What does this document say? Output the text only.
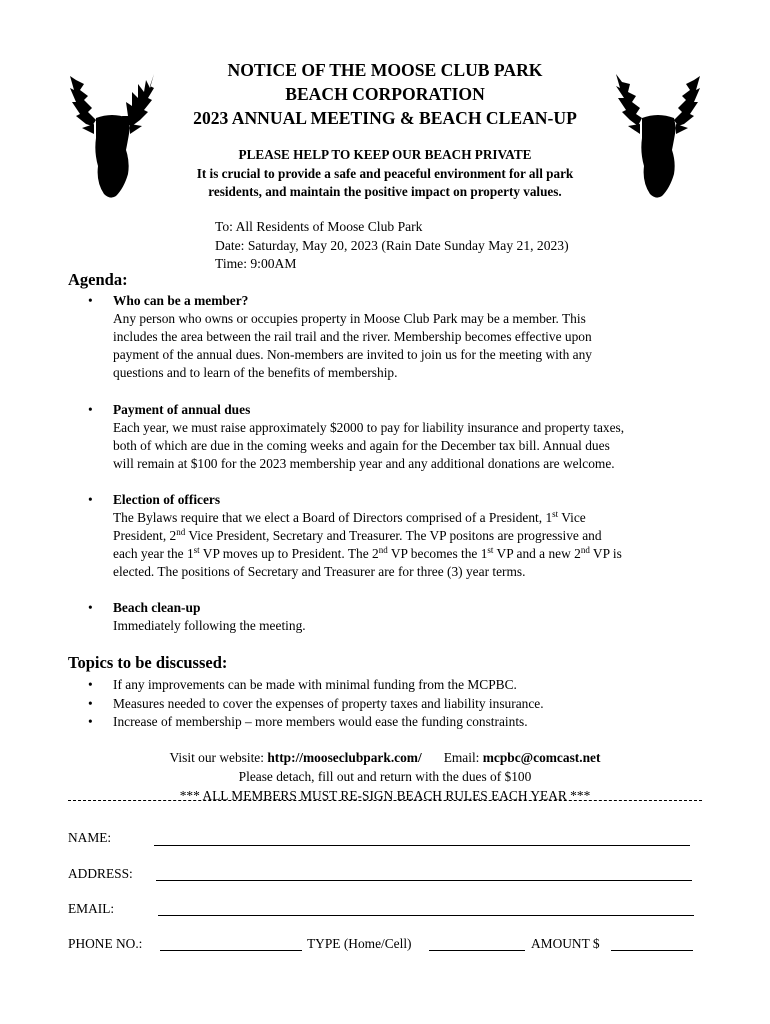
NOTICE OF THE MOOSE CLUB PARK
BEACH CORPORATION
2023 ANNUAL MEETING & BEACH CLEAN-UP
PLEASE HELP TO KEEP OUR BEACH PRIVATE
It is crucial to provide a safe and peaceful environment for all park
residents, and maintain the positive impact on property values.
To: All Residents of Moose Club Park
Date: Saturday, May 20, 2023 (Rain Date Sunday May 21, 2023)
Time: 9:00AM
Agenda:
• Who can be a member?
Any person who owns or occupies property in Moose Club Park may be a member. This
includes the area between the rail trail and the river. Membership becomes effective upon
payment of the annual dues. Non-members are invited to join us for the meeting with any
questions and to learn of the benefits of membership.
• Payment of annual dues
Each year, we must raise approximately $2000 to pay for liability insurance and property taxes,
both of which are due in the coming weeks and again for the December tax bill. Annual dues
will remain at $100 for the 2023 membership year and any additional donations are welcome.
• Election of officers
The Bylaws require that we elect a Board of Directors comprised of a President, 1st Vice
President, 2nd Vice President, Secretary and Treasurer. The VP positons are progressive and
each year the 1st VP moves up to President. The 2nd VP becomes the 1st VP and a new 2nd VP is
elected. The positions of Secretary and Treasurer are for three (3) year terms.
• Beach clean-up
Immediately following the meeting.
Topics to be discussed:
• If any improvements can be made with minimal funding from the MCPBC.
• Measures needed to cover the expenses of property taxes and liability insurance.
• Increase of membership – more members would ease the funding constraints.
Visit our website: http://mooseclubpark.com/ Email: mcpbc@comcast.net
Please detach, fill out and return with the dues of $100
*** ALL MEMBERS MUST RE-SIGN BEACH RULES EACH YEAR ***
NAME:
ADDRESS:
EMAIL:
PHONE NO.:	TYPE (Home/Cell)	AMOUNT $
